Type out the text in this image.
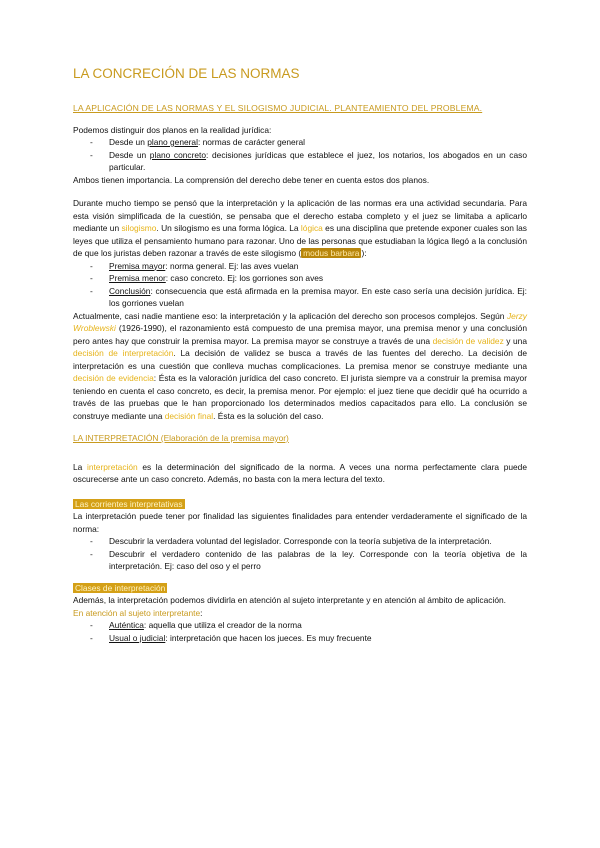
LA CONCRECIÓN DE LAS NORMAS
LA APLICACIÓN DE LAS NORMAS Y EL SILOGISMO JUDICIAL. PLANTEAMIENTO DEL PROBLEMA.

Podemos distinguir dos planos en la realidad jurídica:

- Desde un plano general: normas de carácter general
- Desde un plano concreto: decisiones jurídicas que establece el juez, los notarios, los abogados en un caso particular.

Ambos tienen importancia. La comprensión del derecho debe tener en cuenta estos dos planos.

Durante mucho tiempo se pensó que la interpretación y la aplicación de las normas era una actividad secundaria. Para esta visión simplificada de la cuestión, se pensaba que el derecho estaba completo y el juez se limitaba a aplicarlo mediante un silogismo. Un silogismo es una forma lógica. La lógica es una disciplina que pretende exponer cuales son las leyes que utiliza el pensamiento humano para razonar. Uno de las personas que estudiaban la lógica llegó a la conclusión de que los juristas deben razonar a través de este silogismo ( modus barbara ):

- Premisa mayor: norma general. Ej: las aves vuelan
- Premisa menor: caso concreto. Ej: los gorriones son aves
- Conclusión: consecuencia que está afirmada en la premisa mayor. En este caso sería una decisión jurídica. Ej: los gorriones vuelan

Actualmente, casi nadie mantiene eso: la interpretación y la aplicación del derecho son procesos complejos. Según Jerzy Wroblewski (1926-1990), el razonamiento está compuesto de una premisa mayor, una premisa menor y una conclusión pero antes hay que construir la premisa mayor. La premisa mayor se construye a través de una decisión de validez y una decisión de interpretación. La decisión de validez se busca a través de las fuentes del derecho. La decisión de interpretación es una cuestión que conlleva muchas complicaciones. La premisa menor se construye mediante una decisión de evidencia: Ésta es la valoración jurídica del caso concreto. El jurista siempre va a construir la premisa mayor teniendo en cuenta el caso concreto, es decir, la premisa menor. Por ejemplo: el juez tiene que decidir qué ha ocurrido a través de las pruebas que le han proporcionado los determinados medios capacitados para ello. La conclusión se construye mediante una decisión final. Ésta es la solución del caso.

LA INTERPRETACIÓN (Elaboración de la premisa mayor)

La interpretación es la determinación del significado de la norma. A veces una norma perfectamente clara puede oscurecerse ante un caso concreto. Además, no basta con la mera lectura del texto.

Las corrientes interpretativas

La interpretación puede tener por finalidad las siguientes finalidades para entender verdaderamente el significado de la norma:

- Descubrir la verdadera voluntad del legislador. Corresponde con la teoría subjetiva de la interpretación.
- Descubrir el verdadero contenido de las palabras de la ley. Corresponde con la teoría objetiva de la interpretación. Ej: caso del oso y el perro
Clases de interpretación

Además, la interpretación podemos dividirla en atención al sujeto interpretante y en atención al ámbito de aplicación.

En atención al sujeto interpretante:
- Auténtica: aquella que utiliza el creador de la norma
- Usual o judicial: interpretación que hacen los jueces. Es muy frecuente
